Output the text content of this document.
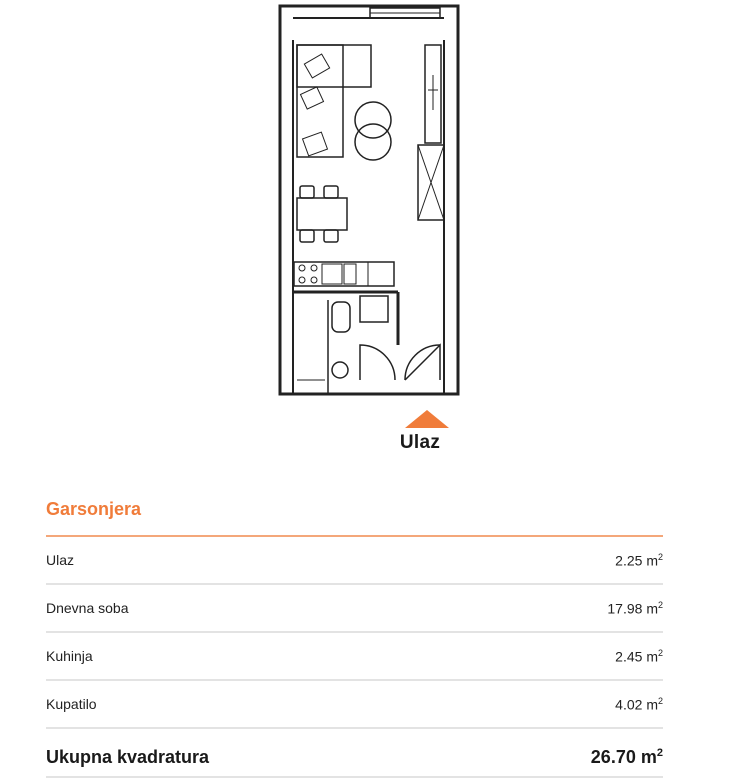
Ulaz
Garsonjera
Ulaz	2.25 $m^2$
Dnevna soba	17.98 $m^2$
Kuhinja	2.45 $m^2$
Kupatilo	4.02 $m^2$
Ukupna kvadratura	26.70 $m^2$
